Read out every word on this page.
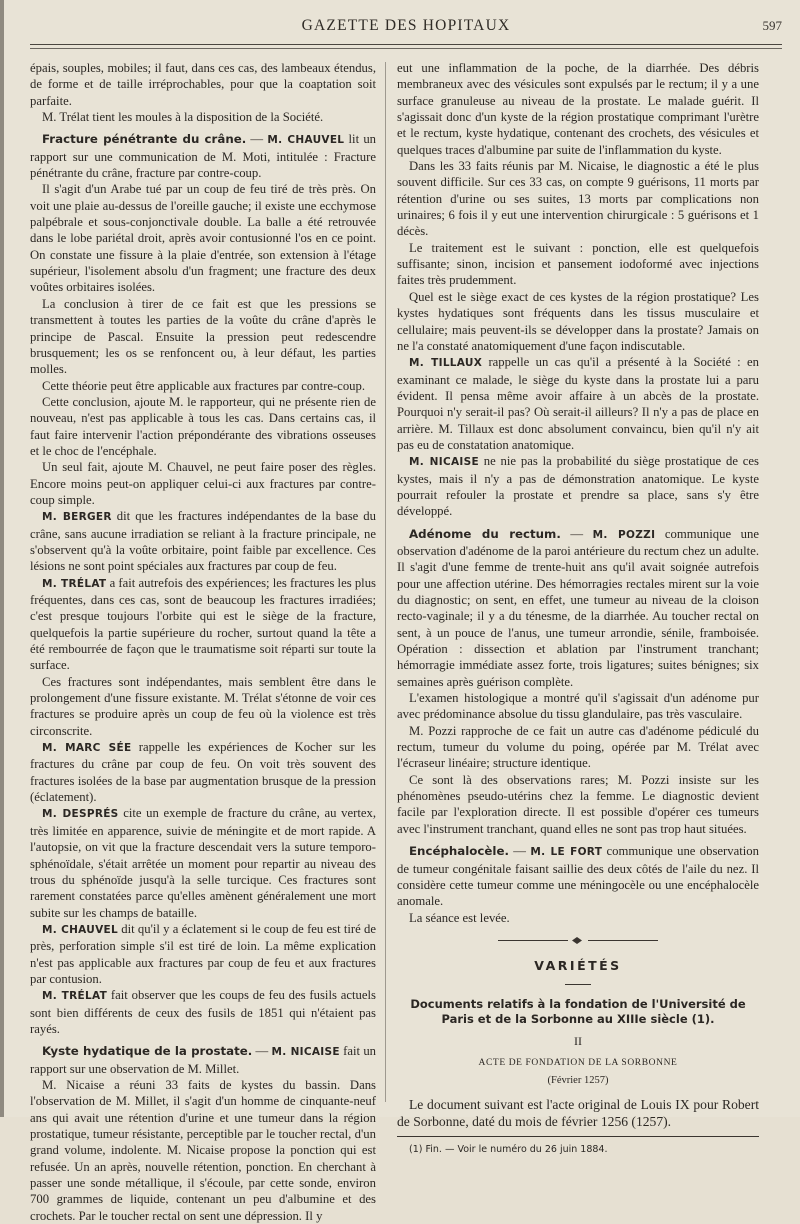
GAZETTE DES HOPITAUX	597

épais, souples, mobiles; il faut, dans ces cas, des lambeaux étendus, de forme et de taille irréprochables, pour que la coaptation soit parfaite.

M. Trélat tient les moules à la disposition de la Société.

Fracture pénétrante du crâne. — M. CHAUVEL lit un rapport sur une communication de M. Moti, intitulée : Fracture pénétrante du crâne, fracture par contre-coup.

Il s'agit d'un Arabe tué par un coup de feu tiré de très près. On voit une plaie au-dessus de l'oreille gauche; il existe une ecchymose palpébrale et sous-conjonctivale double. La balle a été retrouvée dans le lobe pariétal droit, après avoir contusionné l'os en ce point. On constate une fissure à la plaie d'entrée, son extension à l'étage supérieur, l'isolement absolu d'un fragment; une fracture des deux voûtes orbitaires isolées.

La conclusion à tirer de ce fait est que les pressions se transmettent à toutes les parties de la voûte du crâne d'après le principe de Pascal. Ensuite la pression peut redescendre brusquement; les os se renfoncent ou, à leur défaut, les parties molles.

Cette théorie peut être applicable aux fractures par contre-coup.

Cette conclusion, ajoute M. le rapporteur, qui ne présente rien de nouveau, n'est pas applicable à tous les cas. Dans certains cas, il faut faire intervenir l'action prépondérante des vibrations osseuses et le choc de l'encéphale.

Un seul fait, ajoute M. Chauvel, ne peut faire poser des règles. Encore moins peut-on appliquer celui-ci aux fractures par contre-coup simple.

M. BERGER dit que les fractures indépendantes de la base du crâne, sans aucune irradiation se reliant à la fracture principale, ne s'observent qu'à la voûte orbitaire, point faible par excellence. Ces lésions ne sont point spéciales aux fractures par coup de feu.

M. TRÉLAT a fait autrefois des expériences; les fractures les plus fréquentes, dans ces cas, sont de beaucoup les fractures irradiées; c'est presque toujours l'orbite qui est le siège de la fracture, quelquefois la partie supérieure du rocher, surtout quand la tête a été rembourrée de façon que le traumatisme soit réparti sur toute la surface.

Ces fractures sont indépendantes, mais semblent être dans le prolongement d'une fissure existante. M. Trélat s'étonne de voir ces fractures se produire après un coup de feu où la violence est très circonscrite.

M. MARC SÉE rappelle les expériences de Kocher sur les fractures du crâne par coup de feu. On voit très souvent des fractures isolées de la base par augmentation brusque de la pression (éclatement).

M. DESPRÉS cite un exemple de fracture du crâne, au vertex, très limitée en apparence, suivie de méningite et de mort rapide. A l'autopsie, on vit que la fracture descendait vers la suture temporo-sphénoïdale, s'était arrêtée un moment pour repartir au niveau des trous du sphénoïde jusqu'à la selle turcique. Ces fractures sont rarement constatées parce qu'elles amènent généralement une mort subite sur les champs de bataille.

M. CHAUVEL dit qu'il y a éclatement si le coup de feu est tiré de près, perforation simple s'il est tiré de loin. La même explication n'est pas applicable aux fractures par coup de feu et aux fractures par contusion.

M. TRÉLAT fait observer que les coups de feu des fusils actuels sont bien différents de ceux des fusils de 1851 qui n'étaient pas rayés.

Kyste hydatique de la prostate. — M. NICAISE fait un rapport sur une observation de M. Millet.

M. Nicaise a réuni 33 faits de kystes du bassin. Dans l'observation de M. Millet, il s'agit d'un homme de cinquante-neuf ans qui avait une rétention d'urine et une tumeur dans la région prostatique, tumeur résistante, perceptible par le toucher rectal, d'un grand volume, indolente. M. Nicaise propose la ponction qui est refusée. Un an après, nouvelle rétention, ponction. En cherchant à passer une sonde métallique, il s'écoule, par cette sonde, environ 700 grammes de liquide, contenant un peu d'albumine et des crochets. Par le toucher rectal on sent une dépression. Il y

eut une inflammation de la poche, de la diarrhée. Des débris membraneux avec des vésicules sont expulsés par le rectum; il y a une surface granuleuse au niveau de la prostate. Le malade guérit. Il s'agissait donc d'un kyste de la région prostatique comprimant l'urètre et le rectum, kyste hydatique, contenant des crochets, des vésicules et quelques traces d'albumine par suite de l'inflammation du kyste.

Dans les 33 faits réunis par M. Nicaise, le diagnostic a été le plus souvent difficile. Sur ces 33 cas, on compte 9 guérisons, 11 morts par rétention d'urine ou ses suites, 13 morts par complications non urinaires; 6 fois il y eut une intervention chirurgicale : 5 guérisons et 1 décès.

Le traitement est le suivant : ponction, elle est quelquefois suffisante; sinon, incision et pansement iodoformé avec injections faites très prudemment.

Quel est le siège exact de ces kystes de la région prostatique? Les kystes hydatiques sont fréquents dans les tissus musculaire et cellulaire; mais peuvent-ils se développer dans la prostate? Jamais on ne l'a constaté anatomiquement d'une façon indiscutable.

M. TILLAUX rappelle un cas qu'il a présenté à la Société : en examinant ce malade, le siège du kyste dans la prostate lui a paru évident. Il pensa même avoir affaire à un abcès de la prostate. Pourquoi n'y serait-il pas? Où serait-il ailleurs? Il n'y a pas de place en arrière. M. Tillaux est donc absolument convaincu, bien qu'il n'y ait pas eu de constatation anatomique.

M. NICAISE ne nie pas la probabilité du siège prostatique de ces kystes, mais il n'y a pas de démonstration anatomique. Le kyste pourrait refouler la prostate et prendre sa place, sans s'y être développé.

Adénome du rectum. — M. POZZI communique une observation d'adénome de la paroi antérieure du rectum chez un adulte. Il s'agit d'une femme de trente-huit ans qu'il avait soignée autrefois pour une affection utérine. Des hémorragies rectales mirent sur la voie du diagnostic; on sent, en effet, une tumeur au niveau de la cloison recto-vaginale; il y a du ténesme, de la diarrhée. Au toucher rectal on sent, à un pouce de l'anus, une tumeur arrondie, sénile, framboisée. Opération : dissection et ablation par l'instrument tranchant; hémorragie immédiate assez forte, trois ligatures; suites bénignes; six semaines après guérison complète.

L'examen histologique a montré qu'il s'agissait d'un adénome pur avec prédominance absolue du tissu glandulaire, pas très vasculaire.

M. Pozzi rapproche de ce fait un autre cas d'adénome pédiculé du rectum, tumeur du volume du poing, opérée par M. Trélat avec l'écraseur linéaire; structure identique.

Ce sont là des observations rares; M. Pozzi insiste sur les phénomènes pseudo-utérins chez la femme. Le diagnostic devient facile par l'exploration directe. Il est possible d'opérer ces tumeurs avec l'instrument tranchant, quand elles ne sont pas trop haut situées.

Encéphalocèle. — M. LE FORT communique une observation de tumeur congénitale faisant saillie des deux côtés de l'aile du nez. Il considère cette tumeur comme une méningocèle ou une encéphalocèle anomale.

La séance est levée.

VARIÉTÉS
Documents relatifs à la fondation de l'Université de Paris et de la Sorbonne au XIIIe siècle (1).
II
ACTE DE FONDATION DE LA SORBONNE
(Février 1257)
Le document suivant est l'acte original de Louis IX pour Robert de Sorbonne, daté du mois de février 1256 (1257).
(1) Fin. — Voir le numéro du 26 juin 1884.
